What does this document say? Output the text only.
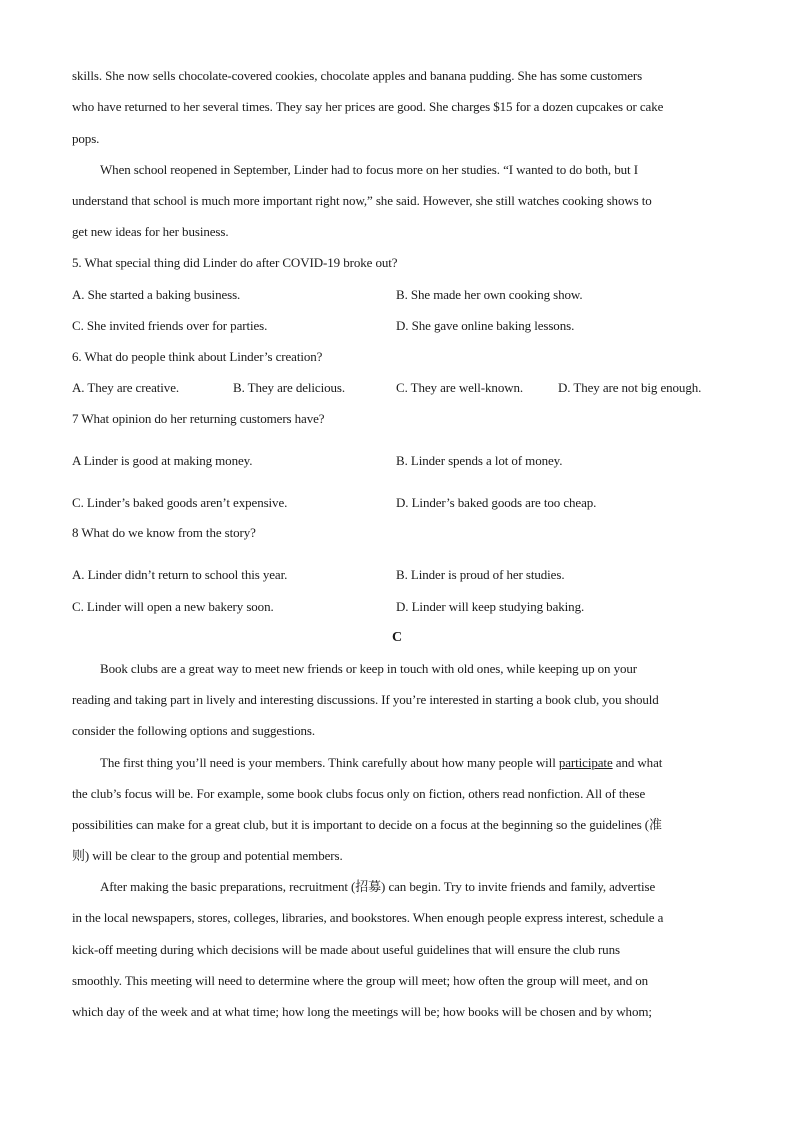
skills. She now sells chocolate-covered cookies, chocolate apples and banana pudding. She has some customers
who have returned to her several times. They say her prices are good. She charges $15 for a dozen cupcakes or cake
pops.
When school reopened in September, Linder had to focus more on her studies. “I wanted to do both, but I
understand that school is much more important right now,” she said. However, she still watches cooking shows to
get new ideas for her business.
5. What special thing did Linder do after COVID-19 broke out?
A. She started a baking business.	B. She made her own cooking show.
C. She invited friends over for parties.	D. She gave online baking lessons.
6. What do people think about Linder’s creation?
A. They are creative.	B. They are delicious.	C. They are well-known.	D. They are not big enough.
7 What opinion do her returning customers have?
A Linder is good at making money.	B. Linder spends a lot of money.
C. Linder’s baked goods aren’t expensive.	D. Linder’s baked goods are too cheap.
8 What do we know from the story?
A. Linder didn’t return to school this year.	B. Linder is proud of her studies.
C. Linder will open a new bakery soon.	D. Linder will keep studying baking.
C
Book clubs are a great way to meet new friends or keep in touch with old ones, while keeping up on your
reading and taking part in lively and interesting discussions. If you’re interested in starting a book club, you should
consider the following options and suggestions.
The first thing you’ll need is your members. Think carefully about how many people will participate and what
the club’s focus will be. For example, some book clubs focus only on fiction, others read nonfiction. All of these
possibilities can make for a great club, but it is important to decide on a focus at the beginning so the guidelines (准
则) will be clear to the group and potential members.
After making the basic preparations, recruitment (招募) can begin. Try to invite friends and family, advertise
in the local newspapers, stores, colleges, libraries, and bookstores. When enough people express interest, schedule a
kick-off meeting during which decisions will be made about useful guidelines that will ensure the club runs
smoothly. This meeting will need to determine where the group will meet; how often the group will meet, and on
which day of the week and at what time; how long the meetings will be; how books will be chosen and by whom;
